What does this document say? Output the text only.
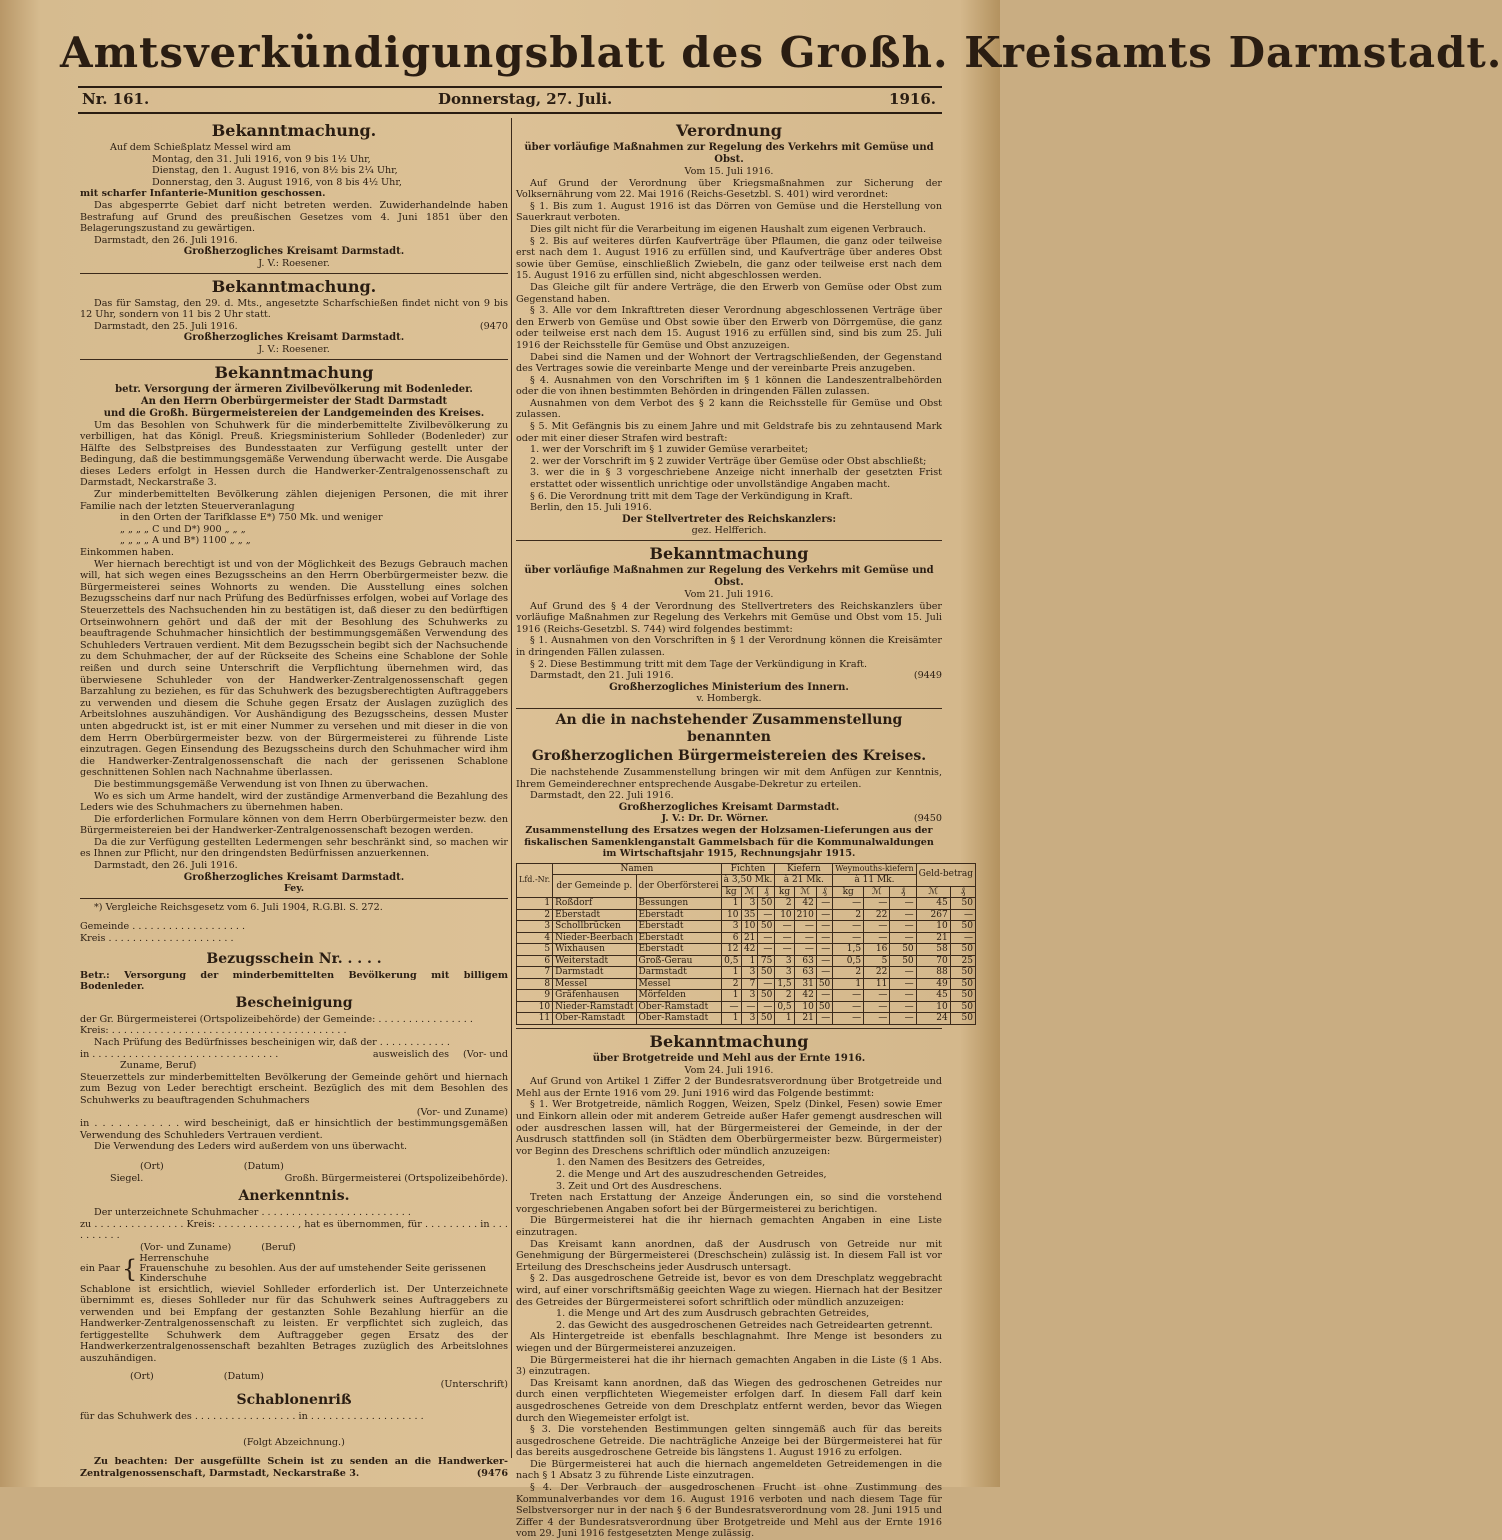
Amtsverkündigungsblatt des Großh. Kreisamts Darmstadt.
Nr. 161.	Donnerstag, 27. Juli.	1916.
Bekanntmachung.

Auf dem Schießplatz Messel wird am

Montag, den 31. Juli 1916, von 9 bis 1½ Uhr,

Dienstag, den 1. August 1916, von 8½ bis 2¼ Uhr,

Donnerstag, den 3. August 1916, von 8 bis 4½ Uhr,

mit scharfer Infanterie-Munition geschossen.

Das abgesperrte Gebiet darf nicht betreten werden. Zuwiderhandelnde haben Bestrafung auf Grund des preußischen Gesetzes vom 4. Juni 1851 über den Belagerungszustand zu gewärtigen.

Darmstadt, den 26. Juli 1916.

Großherzogliches Kreisamt Darmstadt.
J. V.: Roesener.
Bekanntmachung.

Das für Samstag, den 29. d. Mts., angesetzte Scharfschießen findet nicht von 9 bis 12 Uhr, sondern von 11 bis 2 Uhr statt.

Darmstadt, den 25. Juli 1916.	(9470

Großherzogliches Kreisamt Darmstadt.
J. V.: Roesener.
Bekanntmachung
betr. Versorgung der ärmeren Zivilbevölkerung mit Bodenleder.
An den Herrn Oberbürgermeister der Stadt Darmstadt
und die Großh. Bürgermeistereien der Landgemeinden des Kreises.

Um das Besohlen von Schuhwerk für die minderbemittelte Zivilbevölkerung zu verbilligen, hat das Königl. Preuß. Kriegsministerium Sohlleder (Bodenleder) zur Hälfte des Selbstpreises des Bundesstaaten zur Verfügung gestellt unter der Bedingung, daß die bestimmungsgemäße Verwendung überwacht werde. Die Ausgabe dieses Leders erfolgt in Hessen durch die Handwerker-Zentralgenossenschaft zu Darmstadt, Neckarstraße 3.

Zur minderbemittelten Bevölkerung zählen diejenigen Personen, die mit ihrer Familie nach der letzten Steuerveranlagung

in den Orten der Tarifklasse E*) 750 Mk. und weniger

„ „ „ „ C und D*) 900 „ „ „

„ „ „ „ A und B*) 1100 „ „ „

Einkommen haben.

Wer hiernach berechtigt ist und von der Möglichkeit des Bezugs Gebrauch machen will, hat sich wegen eines Bezugsscheins an den Herrn Oberbürgermeister bezw. die Bürgermeisterei seines Wohnorts zu wenden. Die Ausstellung eines solchen Bezugsscheins darf nur nach Prüfung des Bedürfnisses erfolgen, wobei auf Vorlage des Steuerzettels des Nachsuchenden hin zu bestätigen ist, daß dieser zu den bedürftigen Ortseinwohnern gehört und daß der mit der Besohlung des Schuhwerks zu beauftragende Schuhmacher hinsichtlich der bestimmungsgemäßen Verwendung des Schuhleders Vertrauen verdient. Mit dem Bezugsschein begibt sich der Nachsuchende zu dem Schuhmacher, der auf der Rückseite des Scheins eine Schablone der Sohle reißen und durch seine Unterschrift die Verpflichtung übernehmen wird, das überwiesene Schuhleder von der Handwerker-Zentralgenossenschaft gegen Barzahlung zu beziehen, es für das Schuhwerk des bezugsberechtigten Auftraggebers zu verwenden und diesem die Schuhe gegen Ersatz der Auslagen zuzüglich des Arbeitslohnes auszuhändigen. Vor Aushändigung des Bezugsscheins, dessen Muster unten abgedruckt ist, ist er mit einer Nummer zu versehen und mit dieser in die von dem Herrn Oberbürgermeister bezw. von der Bürgermeisterei zu führende Liste einzutragen. Gegen Einsendung des Bezugsscheins durch den Schuhmacher wird ihm die Handwerker-Zentralgenossenschaft die nach der gerissenen Schablone geschnittenen Sohlen nach Nachnahme überlassen.

Die bestimmungsgemäße Verwendung ist von Ihnen zu überwachen.

Wo es sich um Arme handelt, wird der zuständige Armenverband die Bezahlung des Leders wie des Schuhmachers zu übernehmen haben.

Die erforderlichen Formulare können von dem Herrn Oberbürgermeister bezw. den Bürgermeistereien bei der Handwerker-Zentralgenossenschaft bezogen werden.

Da die zur Verfügung gestellten Ledermengen sehr beschränkt sind, so machen wir es Ihnen zur Pflicht, nur den dringendsten Bedürfnissen anzuerkennen.

Darmstadt, den 26. Juli 1916.

Großherzogliches Kreisamt Darmstadt.
Fey.

*) Vergleiche Reichsgesetz vom 6. Juli 1904, R.G.Bl. S. 272.

Gemeinde . . . . . . . . . . . . . . . . . . .

Kreis . . . . . . . . . . . . . . . . . . . . .

Bezugsschein Nr. . . . .

Betr.: Versorgung der minderbemittelten Bevölkerung mit billigem Bodenleder.

Bescheinigung

der Gr. Bürgermeisterei (Ortspolizeibehörde) der Gemeinde: . . . . . . . . . . . . . . . .

Kreis: . . . . . . . . . . . . . . . . . . . . . . . . . . . . . . . . . . . . . . .

Nach Prüfung des Bedürfnisses bescheinigen wir, daß der . . . . . . . . . . . .
(Vor- und

in . . . . . . . . . . . . . . . . . . . . . . . . . . . . . . .	ausweislich des

Zuname, Beruf)

Steuerzettels zur minderbemittelten Bevölkerung der Gemeinde gehört und hiernach zum Bezug von Leder berechtigt erscheint. Bezüglich des mit dem Besohlen des Schuhwerks zu beauftragenden Schuhmachers

(Vor- und Zuname)

in . . . . . . . . . . . wird bescheinigt, daß er hinsichtlich der bestimmungsgemäßen Verwendung des Schuhleders Vertrauen verdient.

Die Verwendung des Leders wird außerdem von uns überwacht.

(Ort)	(Datum)

Siegel.	Großh. Bürgermeisterei (Ortspolizeibehörde).

Anerkenntnis.

Der unterzeichnete Schuhmacher . . . . . . . . . . . . . . . . . . . . . . . . .

zu . . . . . . . . . . . . . . . Kreis: . . . . . . . . . . . . . , hat es übernommen, für . . . . . . . . . in . . . . . . . . . .

(Vor- und Zuname)	(Beruf)

ein Paar { Herrenschuhe
Frauenschuhe
Kinderschuhe
zu besohlen. Aus der auf umstehender Seite gerissenen

Schablone ist ersichtlich, wieviel Sohlleder erforderlich ist. Der Unterzeichnete übernimmt es, dieses Sohlleder nur für das Schuhwerk seines Auftraggebers zu verwenden und bei Empfang der gestanzten Sohle Bezahlung hierfür an die Handwerker-Zentralgenossenschaft zu leisten. Er verpflichtet sich zugleich, das fertiggestellte Schuhwerk dem Auftraggeber gegen Ersatz des der Handwerkerzentralgenossenschaft bezahlten Betrages zuzüglich des Arbeitslohnes auszuhändigen.

(Ort)	(Datum)
(Unterschrift)

Schablonenriß

für das Schuhwerk des . . . . . . . . . . . . . . . . . in . . . . . . . . . . . . . . . . . . .

(Folgt Abzeichnung.)

Zu beachten: Der ausgefüllte Schein ist zu senden an die Handwerker-Zentralgenossenschaft, Darmstadt, Neckarstraße 3.	(9476

Verordnung
über vorläufige Maßnahmen zur Regelung des Verkehrs mit Gemüse und Obst.
Vom 15. Juli 1916.

Auf Grund der Verordnung über Kriegsmaßnahmen zur Sicherung der Volksernährung vom 22. Mai 1916 (Reichs-Gesetzbl. S. 401) wird verordnet:

§ 1. Bis zum 1. August 1916 ist das Dörren von Gemüse und die Herstellung von Sauerkraut verboten.

Dies gilt nicht für die Verarbeitung im eigenen Haushalt zum eigenen Verbrauch.

§ 2. Bis auf weiteres dürfen Kaufverträge über Pflaumen, die ganz oder teilweise erst nach dem 1. August 1916 zu erfüllen sind, und Kaufverträge über anderes Obst sowie über Gemüse, einschließlich Zwiebeln, die ganz oder teilweise erst nach dem 15. August 1916 zu erfüllen sind, nicht abgeschlossen werden.

Das Gleiche gilt für andere Verträge, die den Erwerb von Gemüse oder Obst zum Gegenstand haben.

§ 3. Alle vor dem Inkrafttreten dieser Verordnung abgeschlossenen Verträge über den Erwerb von Gemüse und Obst sowie über den Erwerb von Dörrgemüse, die ganz oder teilweise erst nach dem 15. August 1916 zu erfüllen sind, sind bis zum 25. Juli 1916 der Reichsstelle für Gemüse und Obst anzuzeigen.

Dabei sind die Namen und der Wohnort der Vertragschließenden, der Gegenstand des Vertrages sowie die vereinbarte Menge und der vereinbarte Preis anzugeben.

§ 4. Ausnahmen von den Vorschriften im § 1 können die Landeszentralbehörden oder die von ihnen bestimmten Behörden in dringenden Fällen zulassen.

Ausnahmen von dem Verbot des § 2 kann die Reichsstelle für Gemüse und Obst zulassen.

§ 5. Mit Gefängnis bis zu einem Jahre und mit Geldstrafe bis zu zehntausend Mark oder mit einer dieser Strafen wird bestraft:

1. wer der Vorschrift im § 1 zuwider Gemüse verarbeitet;

2. wer der Vorschrift im § 2 zuwider Verträge über Gemüse oder Obst abschließt;

3. wer die in § 3 vorgeschriebene Anzeige nicht innerhalb der gesetzten Frist erstattet oder wissentlich unrichtige oder unvollständige Angaben macht.

§ 6. Die Verordnung tritt mit dem Tage der Verkündigung in Kraft.

Berlin, den 15. Juli 1916.

Der Stellvertreter des Reichskanzlers:
gez. Helfferich.
Bekanntmachung
über vorläufige Maßnahmen zur Regelung des Verkehrs mit Gemüse und Obst.
Vom 21. Juli 1916.

Auf Grund des § 4 der Verordnung des Stellvertreters des Reichskanzlers über vorläufige Maßnahmen zur Regelung des Verkehrs mit Gemüse und Obst vom 15. Juli 1916 (Reichs-Gesetzbl. S. 744) wird folgendes bestimmt:

§ 1. Ausnahmen von den Vorschriften in § 1 der Verordnung können die Kreisämter in dringenden Fällen zulassen.

§ 2. Diese Bestimmung tritt mit dem Tage der Verkündigung in Kraft.

Darmstadt, den 21. Juli 1916.	(9449

Großherzogliches Ministerium des Innern.
v. Hombergk.
An die in nachstehender Zusammenstellung benannten
Großherzoglichen Bürgermeistereien des Kreises.

Die nachstehende Zusammenstellung bringen wir mit dem Anfügen zur Kenntnis, Ihrem Gemeinderechner entsprechende Ausgabe-Dekretur zu erteilen.

Darmstadt, den 22. Juli 1916.

Großherzogliches Kreisamt Darmstadt.
J. V.: Dr. Dr. Wörner.	(9450

Zusammenstellung des Ersatzes wegen der Holzsamen-Lieferungen aus der fiskalischen Samenklenganstalt Gammelsbach für die Kommunalwaldungen im Wirtschaftsjahr 1915, Rechnungsjahr 1915.

Lfd.-Nr.	Namen		Fichten			Kiefern			Weymouths-kiefern			Geld-betrag	
	der Gemeinde p.	der Oberförsterei	à 3,50 Mk.			à 21 Mk.			à 11 Mk.				
			kg	ℳ	₰	kg	ℳ	₰	kg	ℳ	₰	ℳ	₰
1	Roßdorf	Bessungen	1	3	50	2	42	—	—	—	—	45	50
2	Eberstadt	Eberstadt	10	35	—	10	210	—	2	22	—	267	—
3	Schollbrücken	Eberstadt	3	10	50	—	—	—	—	—	—	10	50
4	Nieder-Beerbach	Eberstadt	6	21	—	—	—	—	—	—	—	21	—
5	Wixhausen	Eberstadt	12	42	—	—	—	—	1,5	16	50	58	50
6	Weiterstadt	Groß-Gerau	0,5	1	75	3	63	—	0,5	5	50	70	25
7	Darmstadt	Darmstadt	1	3	50	3	63	—	2	22	—	88	50
8	Messel	Messel	2	7	—	1,5	31	50	1	11	—	49	50
9	Gräfenhausen	Mörfelden	1	3	50	2	42	—	—	—	—	45	50
10	Nieder-Ramstadt	Ober-Ramstadt	—	—	—	0,5	10	50	—	—	—	10	50
11	Ober-Ramstadt	Ober-Ramstadt	1	3	50	1	21	—	—	—	—	24	50
Bekanntmachung
über Brotgetreide und Mehl aus der Ernte 1916.
Vom 24. Juli 1916.

Auf Grund von Artikel 1 Ziffer 2 der Bundesratsverordnung über Brotgetreide und Mehl aus der Ernte 1916 vom 29. Juni 1916 wird das Folgende bestimmt:

§ 1. Wer Brotgetreide, nämlich Roggen, Weizen, Spelz (Dinkel, Fesen) sowie Emer und Einkorn allein oder mit anderem Getreide außer Hafer gemengt ausdreschen will oder ausdreschen lassen will, hat der Bürgermeisterei der Gemeinde, in der der Ausdrusch stattfinden soll (in Städten dem Oberbürgermeister bezw. Bürgermeister) vor Beginn des Dreschens schriftlich oder mündlich anzuzeigen:

1. den Namen des Besitzers des Getreides,

2. die Menge und Art des auszudreschenden Getreides,

3. Zeit und Ort des Ausdreschens.

Treten nach Erstattung der Anzeige Änderungen ein, so sind die vorstehend vorgeschriebenen Angaben sofort bei der Bürgermeisterei zu berichtigen.

Die Bürgermeisterei hat die ihr hiernach gemachten Angaben in eine Liste einzutragen.

Das Kreisamt kann anordnen, daß der Ausdrusch von Getreide nur mit Genehmigung der Bürgermeisterei (Dreschschein) zulässig ist. In diesem Fall ist vor Erteilung des Dreschscheins jeder Ausdrusch untersagt.

§ 2. Das ausgedroschene Getreide ist, bevor es von dem Dreschplatz weggebracht wird, auf einer vorschriftsmäßig geeichten Wage zu wiegen. Hiernach hat der Besitzer des Getreides der Bürgermeisterei sofort schriftlich oder mündlich anzuzeigen:

1. die Menge und Art des zum Ausdrusch gebrachten Getreides,

2. das Gewicht des ausgedroschenen Getreides nach Getreidearten getrennt.

Als Hintergetreide ist ebenfalls beschlagnahmt. Ihre Menge ist besonders zu wiegen und der Bürgermeisterei anzuzeigen.

Die Bürgermeisterei hat die ihr hiernach gemachten Angaben in die Liste (§ 1 Abs. 3) einzutragen.

Das Kreisamt kann anordnen, daß das Wiegen des gedroschenen Getreides nur durch einen verpflichteten Wiegemeister erfolgen darf. In diesem Fall darf kein ausgedroschenes Getreide von dem Dreschplatz entfernt werden, bevor das Wiegen durch den Wiegemeister erfolgt ist.

§ 3. Die vorstehenden Bestimmungen gelten sinngemäß auch für das bereits ausgedroschene Getreide. Die nachträgliche Anzeige bei der Bürgermeisterei hat für das bereits ausgedroschene Getreide bis längstens 1. August 1916 zu erfolgen.

Die Bürgermeisterei hat auch die hiernach angemeldeten Getreidemengen in die nach § 1 Absatz 3 zu führende Liste einzutragen.

§ 4. Der Verbrauch der ausgedroschenen Frucht ist ohne Zustimmung des Kommunalverbandes vor dem 16. August 1916 verboten und nach diesem Tage für Selbstversorger nur in der nach § 6 der Bundesratsverordnung vom 28. Juni 1915 und Ziffer 4 der Bundesratsverordnung über Brotgetreide und Mehl aus der Ernte 1916 vom 29. Juni 1916 festgesetzten Menge zulässig.
